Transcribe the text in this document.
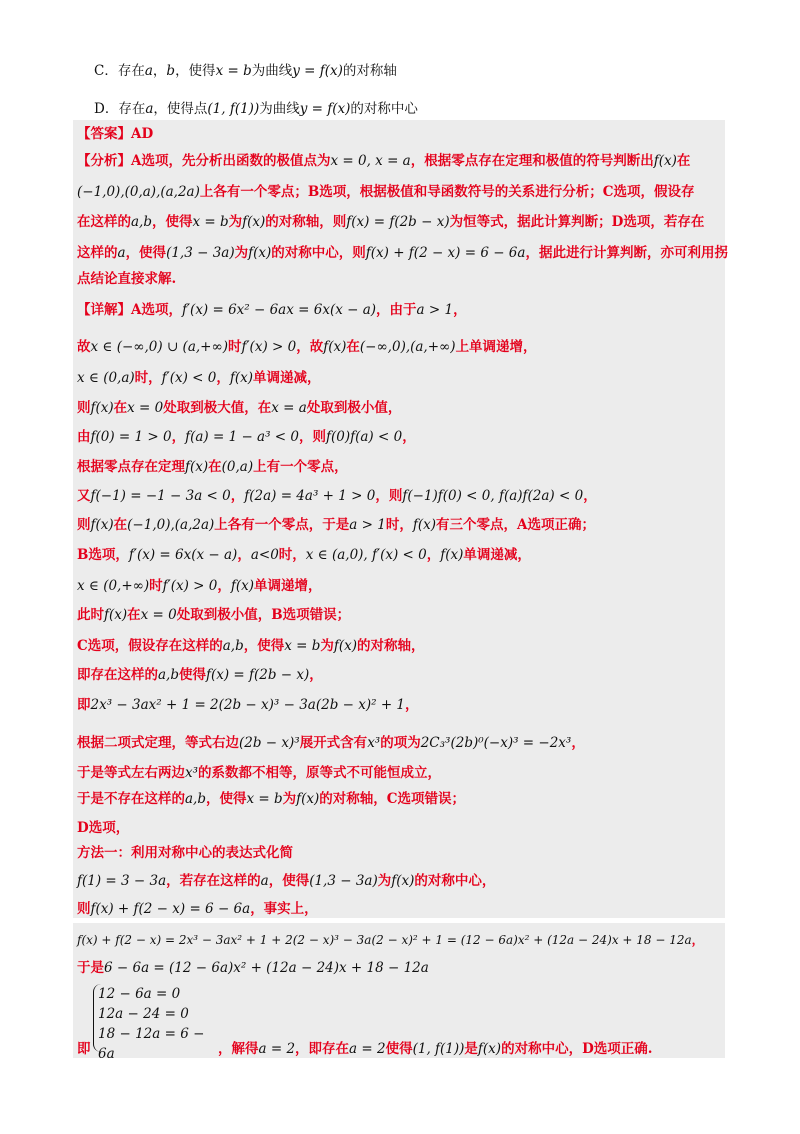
C．存在a，b，使得x = b为曲线y = f(x)的对称轴
D．存在a，使得点(1, f(1))为曲线y = f(x)的对称中心
【答案】AD
【分析】A选项，先分析出函数的极值点为x = 0, x = a，根据零点存在定理和极值的符号判断出f(x)在
(−1,0),(0,a),(a,2a)上各有一个零点；B选项，根据极值和导函数符号的关系进行分析；C选项，假设存
在这样的a,b，使得x = b为f(x)的对称轴，则f(x) = f(2b − x)为恒等式，据此计算判断；D选项，若存在
这样的a，使得(1,3 − 3a)为f(x)的对称中心，则f(x) + f(2 − x) = 6 − 6a，据此进行计算判断，亦可利用拐
点结论直接求解.
【详解】A选项，f′(x) = 6x² − 6ax = 6x(x − a)，由于a > 1，
故x ∈ (−∞,0) ∪ (a,+∞)时f′(x) > 0，故f(x)在(−∞,0),(a,+∞)上单调递增，
x ∈ (0,a)时，f′(x) < 0，f(x)单调递减，
则f(x)在x = 0处取到极大值，在x = a处取到极小值，
由f(0) = 1 > 0，f(a) = 1 − a³ < 0，则f(0)f(a) < 0，
根据零点存在定理f(x)在(0,a)上有一个零点，
又f(−1) = −1 − 3a < 0，f(2a) = 4a³ + 1 > 0，则f(−1)f(0) < 0, f(a)f(2a) < 0，
则f(x)在(−1,0),(a,2a)上各有一个零点，于是a > 1时，f(x)有三个零点，A选项正确；
B选项，f′(x) = 6x(x − a)，a<0时，x ∈ (a,0), f′(x) < 0，f(x)单调递减，
x ∈ (0,+∞)时f′(x) > 0，f(x)单调递增，
此时f(x)在x = 0处取到极小值，B选项错误；
C选项，假设存在这样的a,b，使得x = b为f(x)的对称轴，
即存在这样的a,b使得f(x) = f(2b − x)，
即2x³ − 3ax² + 1 = 2(2b − x)³ − 3a(2b − x)² + 1，
根据二项式定理，等式右边(2b − x)³展开式含有x³的项为2C₃³(2b)⁰(−x)³ = −2x³，
于是等式左右两边x³的系数都不相等，原等式不可能恒成立，
于是不存在这样的a,b，使得x = b为f(x)的对称轴，C选项错误；
D选项，
方法一：利用对称中心的表达式化简
f(1) = 3 − 3a，若存在这样的a，使得(1,3 − 3a)为f(x)的对称中心，
则f(x) + f(2 − x) = 6 − 6a，事实上，
f(x) + f(2 − x) = 2x³ − 3ax² + 1 + 2(2 − x)³ − 3a(2 − x)² + 1 = (12 − 6a)x² + (12a − 24)x + 18 − 12a，
于是6 − 6a = (12 − 6a)x² + (12a − 24)x + 18 − 12a
12 − 6a = 0
12a − 24 = 0
18 − 12a = 6 − 6a
即	，解得a = 2，即存在a = 2使得(1, f(1))是f(x)的对称中心，D选项正确.
